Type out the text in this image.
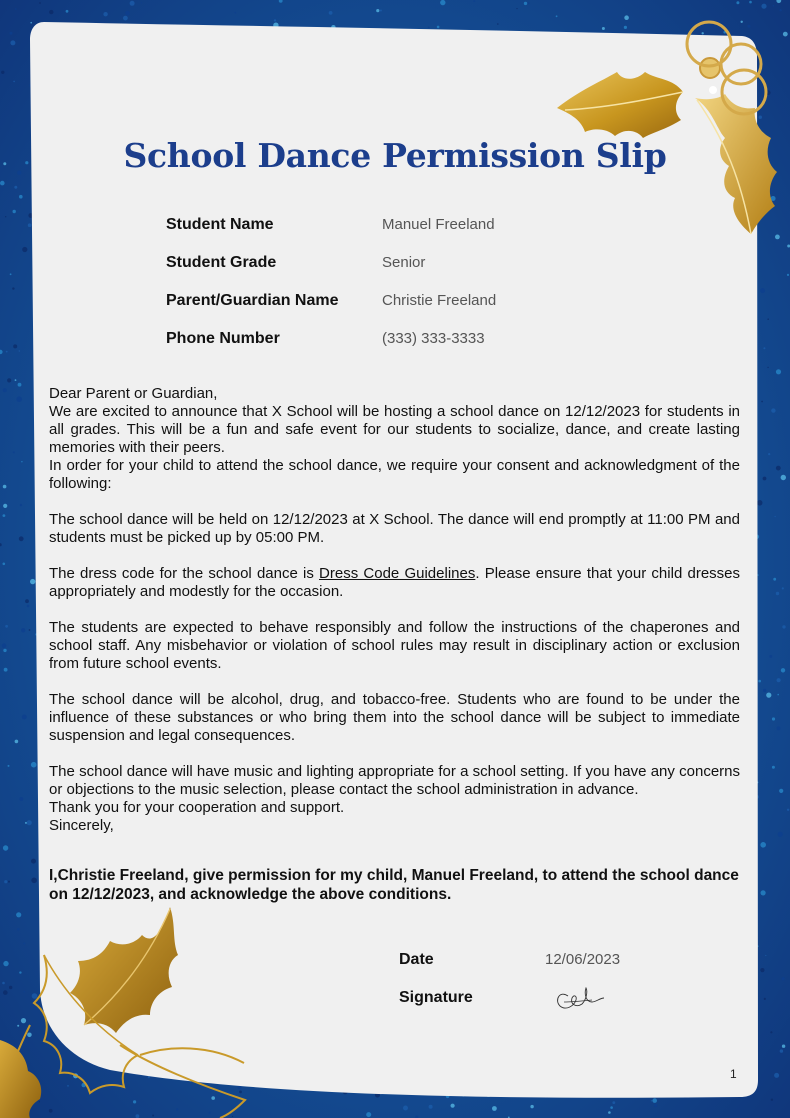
School Dance Permission Slip
Student Name	Manuel Freeland
Student Grade	Senior
Parent/Guardian Name	Christie Freeland
Phone Number	(333) 333-3333

Dear Parent or Guardian,

We are excited to announce that X School will be hosting a school dance on 12/12/2023 for students in all grades. This will be a fun and safe event for our students to socialize, dance, and create lasting memories with their peers.

In order for your child to attend the school dance, we require your consent and acknowledgment of the following:

The school dance will be held on 12/12/2023 at X School. The dance will end promptly at 11:00 PM and students must be picked up by 05:00 PM.

The dress code for the school dance is Dress Code Guidelines. Please ensure that your child dresses appropriately and modestly for the occasion.

The students are expected to behave responsibly and follow the instructions of the chaperones and school staff. Any misbehavior or violation of school rules may result in disciplinary action or exclusion from future school events.

The school dance will be alcohol, drug, and tobacco-free. Students who are found to be under the influence of these substances or who bring them into the school dance will be subject to immediate suspension and legal consequences.

The school dance will have music and lighting appropriate for a school setting. If you have any concerns or objections to the music selection, please contact the school administration in advance.

Thank you for your cooperation and support.

Sincerely,

I,Christie Freeland, give permission for my child, Manuel Freeland, to attend the school dance on 12/12/2023, and acknowledge the above conditions.
Date	12/06/2023
Signature
1
